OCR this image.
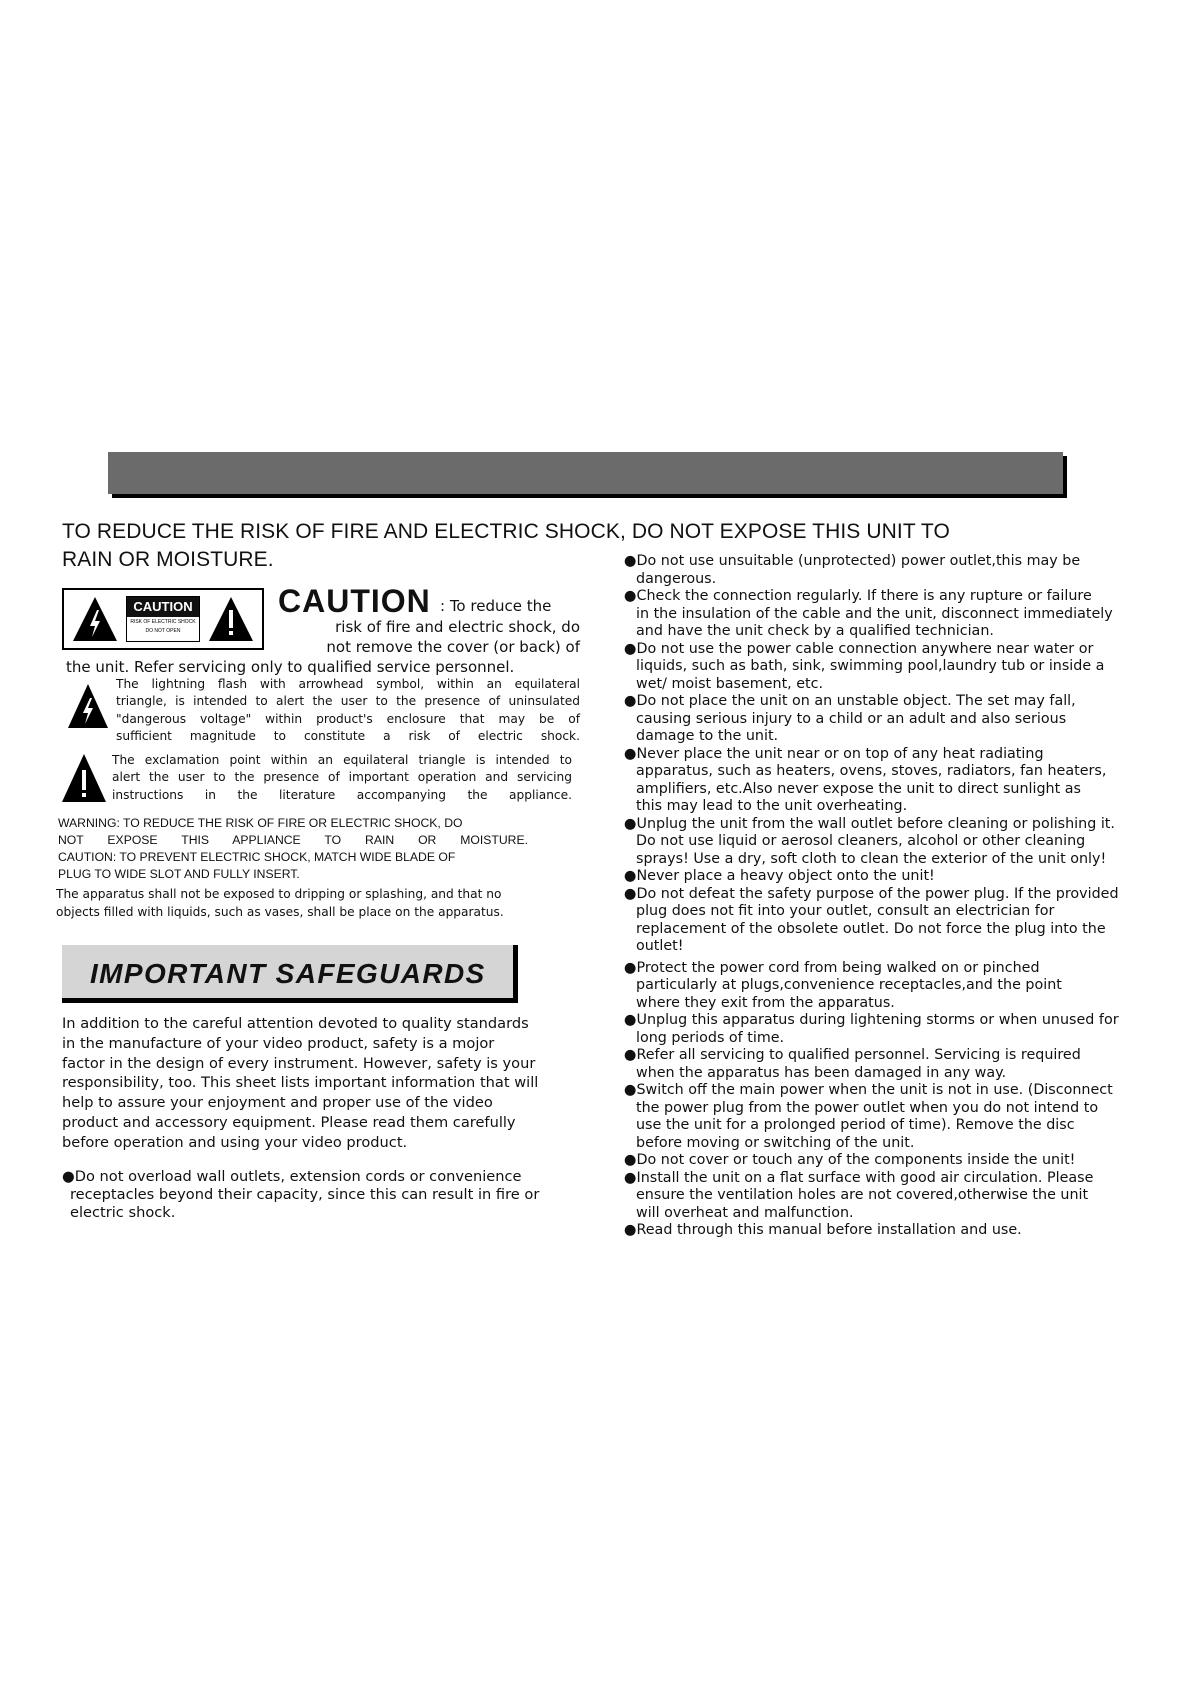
TO REDUCE THE RISK OF FIRE AND ELECTRIC SHOCK, DO NOT EXPOSE THIS UNIT TO
RAIN OR MOISTURE.
CAUTION
RISK OF ELECTRIC SHOCK
DO NOT OPEN
CAUTION : To reduce the
risk of fire and electric shock, do
not remove the cover (or back) of
the unit. Refer servicing only to qualified service personnel.
The lightning flash with arrowhead symbol, within an equilateral
triangle, is intended to alert the user to the presence of uninsulated
"dangerous voltage" within product's enclosure that may be of
sufficient magnitude to constitute a risk of electric shock.
The exclamation point within an equilateral triangle is intended to
alert the user to the presence of important operation and servicing
instructions in the literature accompanying the appliance.
WARNING: TO REDUCE THE RISK OF FIRE OR ELECTRIC SHOCK, DO
NOT EXPOSE THIS APPLIANCE TO RAIN OR MOISTURE.
CAUTION: TO PREVENT ELECTRIC SHOCK, MATCH WIDE BLADE OF
PLUG TO WIDE SLOT AND FULLY INSERT.
The apparatus shall not be exposed to dripping or splashing, and that no
objects filled with liquids, such as vases, shall be place on the apparatus.
IMPORTANT SAFEGUARDS
In addition to the careful attention devoted to quality standards
in the manufacture of your video product, safety is a mojor
factor in the design of every instrument. However, safety is your
responsibility, too. This sheet lists important information that will
help to assure your enjoyment and proper use of the video
product and accessory equipment. Please read them carefully
before operation and using your video product.
●Do not overload wall outlets, extension cords or convenience
receptacles beyond their capacity, since this can result in fire or
electric shock.
●Do not use unsuitable (unprotected) power outlet,this may be
dangerous.
●Check the connection regularly. If there is any rupture or failure
in the insulation of the cable and the unit, disconnect immediately
and have the unit check by a qualified technician.
●Do not use the power cable connection anywhere near water or
liquids, such as bath, sink, swimming pool,laundry tub or inside a
wet/ moist basement, etc.
●Do not place the unit on an unstable object. The set may fall,
causing serious injury to a child or an adult and also serious
damage to the unit.
●Never place the unit near or on top of any heat radiating
apparatus, such as heaters, ovens, stoves, radiators, fan heaters,
amplifiers, etc.Also never expose the unit to direct sunlight as
this may lead to the unit overheating.
●Unplug the unit from the wall outlet before cleaning or polishing it.
Do not use liquid or aerosol cleaners, alcohol or other cleaning
sprays! Use a dry, soft cloth to clean the exterior of the unit only!
●Never place a heavy object onto the unit!
●Do not defeat the safety purpose of the power plug. If the provided
plug does not fit into your outlet, consult an electrician for
replacement of the obsolete outlet. Do not force the plug into the
outlet!
●Protect the power cord from being walked on or pinched
particularly at plugs,convenience receptacles,and the point
where they exit from the apparatus.
●Unplug this apparatus during lightening storms or when unused for
long periods of time.
●Refer all servicing to qualified personnel. Servicing is required
when the apparatus has been damaged in any way.
●Switch off the main power when the unit is not in use. (Disconnect
the power plug from the power outlet when you do not intend to
use the unit for a prolonged period of time). Remove the disc
before moving or switching of the unit.
●Do not cover or touch any of the components inside the unit!
●Install the unit on a flat surface with good air circulation. Please
ensure the ventilation holes are not covered,otherwise the unit
will overheat and malfunction.
●Read through this manual before installation and use.
